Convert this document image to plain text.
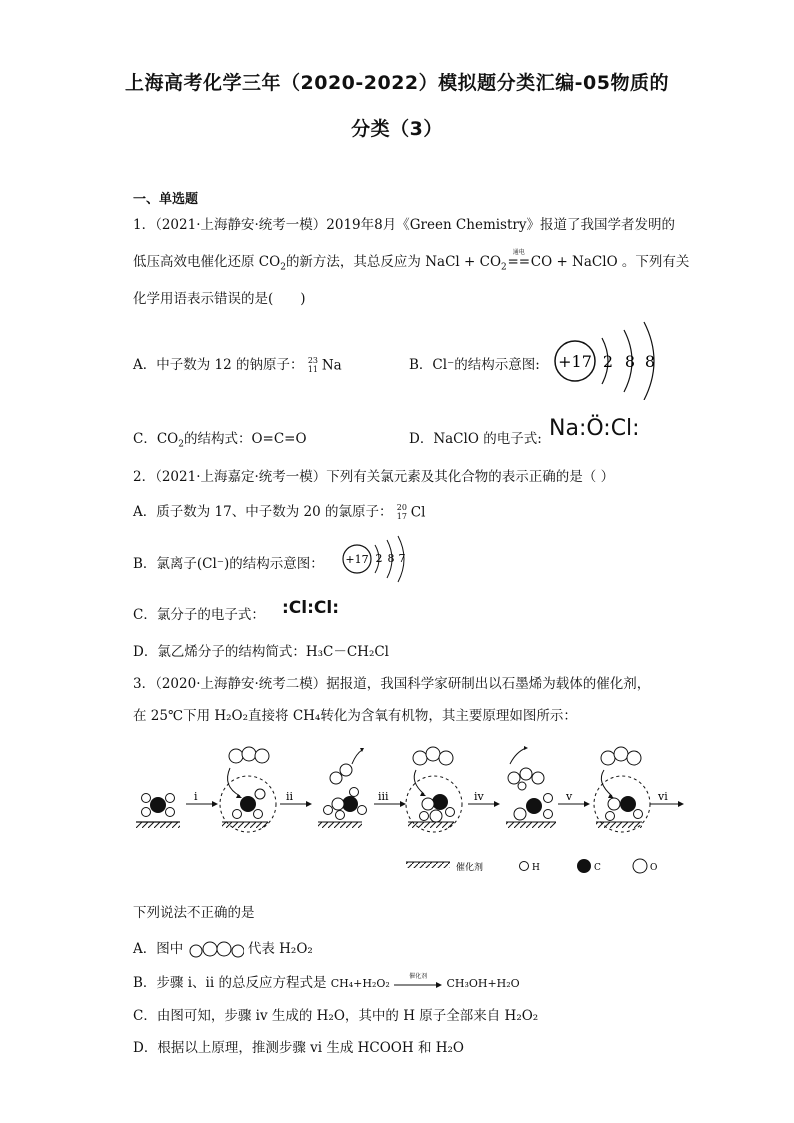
上海高考化学三年（2020-2022）模拟题分类汇编-05物质的
分类（3）
一、单选题
1．（2021·上海静安·统考一模）2019年8月《Green Chemistry》报道了我国学者发明的
低压高效电催化还原 $CO_2$的新方法，其总反应为 NaCl + $CO_2$
通电
==CO + NaClO 。下列有关
化学用语表示错误的是(　　)
A．中子数为 12 的钠原子： 23
11 Na	B．Cl⁻的结构示意图: +17 2 8 8
C．$CO_2$的结构式：O=C=O	D．NaClO 的电子式: Na:Ö:Cl:
2．（2021·上海嘉定·统考一模）下列有关氯元素及其化合物的表示正确的是（ ）
A．质子数为 17、中子数为 20 的氯原子： 20
17 Cl
B．氯离子(Cl⁻)的结构示意图： +17 2 8 7
C．氯分子的电子式： :Cl:Cl:
D．氯乙烯分子的结构简式：H₃C－CH₂Cl
3．（2020·上海静安·统考二模）据报道，我国科学家研制出以石墨烯为载体的催化剂，
在 25℃下用 H₂O₂直接将 CH₄转化为含氧有机物，其主要原理如图所示：
i	ii	iii	iv	v	vi
催化剂	H	C	O
下列说法不正确的是
A．图中	代表 H₂O₂
B．步骤 i、ii 的总反应方程式是 CH₄+H₂O₂
催化剂
CH₃OH+H₂O
C．由图可知，步骤 iv 生成的 H₂O，其中的 H 原子全部来自 H₂O₂
D．根据以上原理，推测步骤 vi 生成 HCOOH 和 H₂O
